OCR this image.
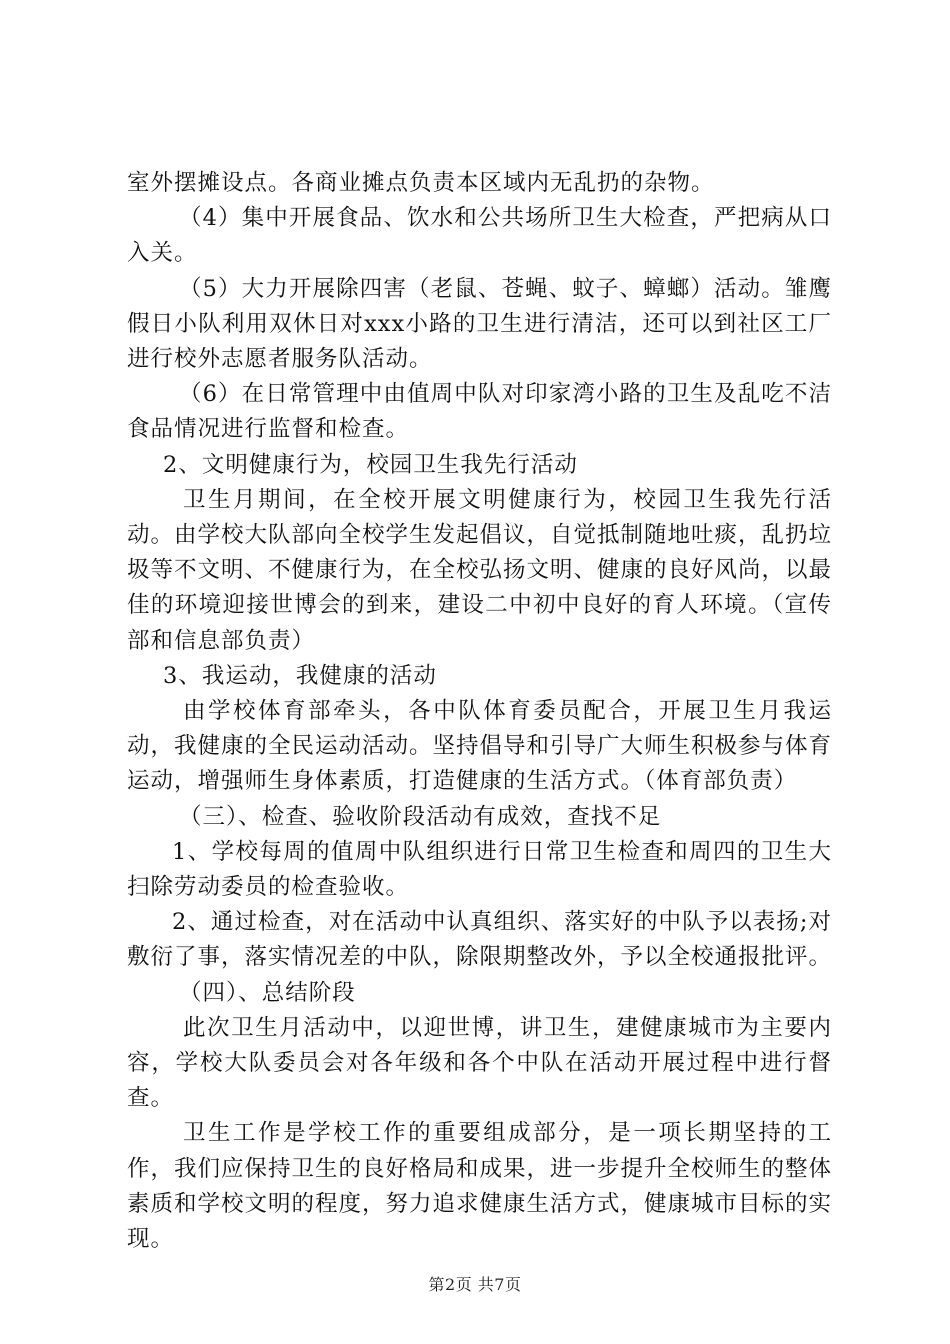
室外摆摊设点。各商业摊点负责本区域内无乱扔的杂物。

（4）集中开展食品、饮水和公共场所卫生大检查，严把病从口入关。

（5）大力开展除四害（老鼠、苍蝇、蚊子、蟑螂）活动。雏鹰假日小队利用双休日对xxx小路的卫生进行清洁，还可以到社区工厂进行校外志愿者服务队活动。

（6）在日常管理中由值周中队对印家湾小路的卫生及乱吃不洁食品情况进行监督和检查。

2、文明健康行为，校园卫生我先行活动

卫生月期间，在全校开展文明健康行为，校园卫生我先行活动。由学校大队部向全校学生发起倡议，自觉抵制随地吐痰，乱扔垃圾等不文明、不健康行为，在全校弘扬文明、健康的良好风尚，以最佳的环境迎接世博会的到来，建设二中初中良好的育人环境。（宣传部和信息部负责）

3、我运动，我健康的活动

由学校体育部牵头，各中队体育委员配合，开展卫生月我运动，我健康的全民运动活动。坚持倡导和引导广大师生积极参与体育运动，增强师生身体素质，打造健康的生活方式。（体育部负责）

（三）、检查、验收阶段活动有成效，查找不足

1、学校每周的值周中队组织进行日常卫生检查和周四的卫生大扫除劳动委员的检查验收。

2、通过检查，对在活动中认真组织、落实好的中队予以表扬;对敷衍了事，落实情况差的中队，除限期整改外，予以全校通报批评。

（四）、总结阶段

此次卫生月活动中，以迎世博，讲卫生，建健康城市为主要内容，学校大队委员会对各年级和各个中队在活动开展过程中进行督查。

卫生工作是学校工作的重要组成部分，是一项长期坚持的工作，我们应保持卫生的良好格局和成果，进一步提升全校师生的整体素质和学校文明的程度，努力追求健康生活方式，健康城市目标的实现。

第2页 共7页
